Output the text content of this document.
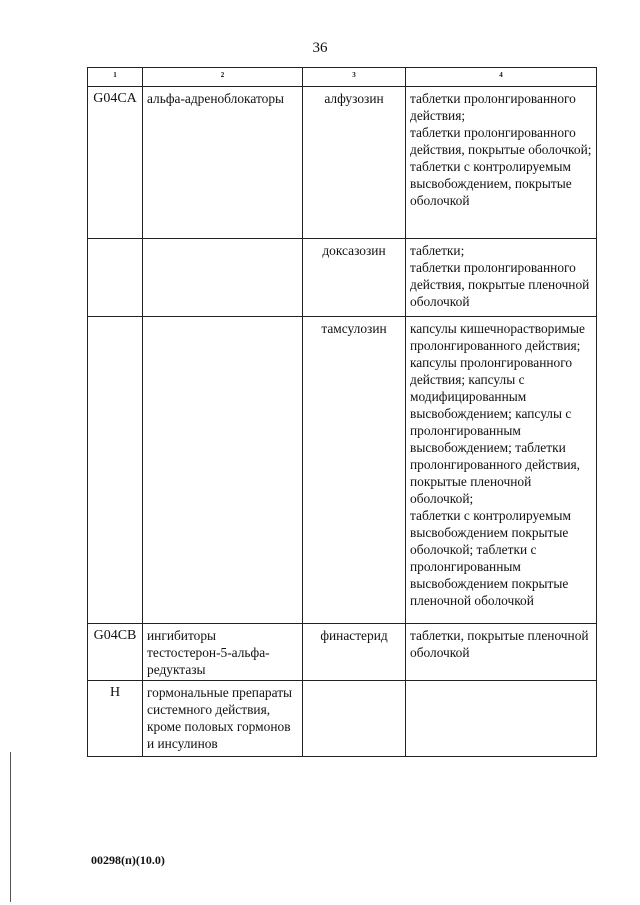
36
1	2	3	4
G04CA	альфа-адреноблокаторы	алфузозин	таблетки пролонгированного действия;
таблетки пролонгированного действия, покрытые оболочкой;
таблетки с контролируемым высвобождением, покрытые оболочкой

		доксазозин	таблетки;
таблетки пролонгированного действия, покрытые пленочной оболочкой

		тамсулозин	капсулы кишечнорастворимые пролонгированного действия;
капсулы пролонгированного действия; капсулы с модифицированным высвобождением; капсулы с пролонгированным высвобождением; таблетки пролонгированного действия, покрытые пленочной оболочкой;
таблетки с контролируемым высвобождением покрытые оболочкой; таблетки с пролонгированным высвобождением покрытые пленочной оболочкой

G04CB	ингибиторы тестостерон-5-альфа-редуктазы	финастерид	таблетки, покрытые пленочной оболочкой

H	гормональные препараты системного действия, кроме половых гормонов и инсулинов		
00298(п)(10.0)
